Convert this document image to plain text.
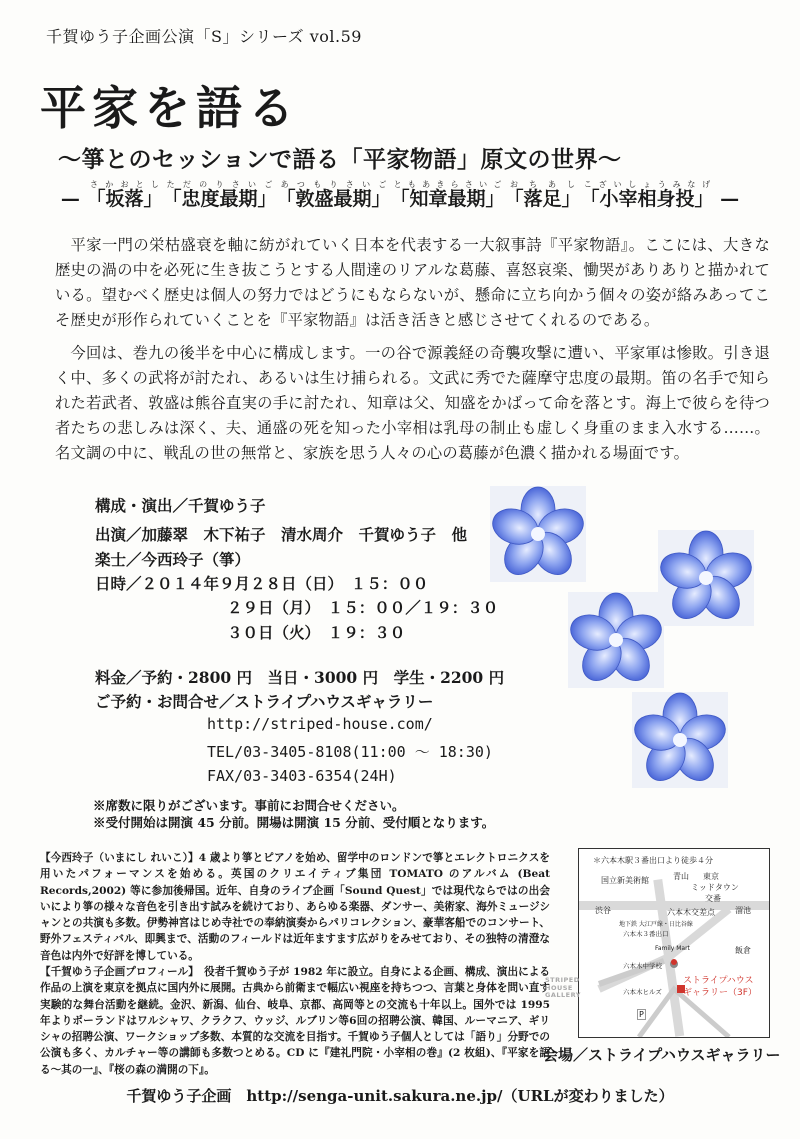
千賀ゆう子企画公演「S」シリーズ vol.59
平家を語る
～箏とのセッションで語る「平家物語」原文の世界～
— 「坂落」さかおとし「忠度最期」ただのりさいご「敦盛最期」あつもりさいご「知章最期」ともあきらさいご「落足」おちあし「小宰相身投」こざいしょうみなげ —
平家一門の栄枯盛衰を軸に紡がれていく日本を代表する一大叙事詩『平家物語』。ここには、大きな歴史の渦の中を必死に生き抜こうとする人間達のリアルな葛藤、喜怒哀楽、慟哭がありありと描かれている。望むべく歴史は個人の努力ではどうにもならないが、懸命に立ち向かう個々の姿が絡みあってこそ歴史が形作られていくことを『平家物語』は活き活きと感じさせてくれるのである。
今回は、巻九の後半を中心に構成します。一の谷で源義経の奇襲攻撃に遭い、平家軍は惨敗。引き退く中、多くの武将が討たれ、あるいは生け捕られる。文武に秀でた薩摩守忠度の最期。笛の名手で知られた若武者、敦盛は熊谷直実の手に討たれ、知章は父、知盛をかばって命を落とす。海上で彼らを待つ者たちの悲しみは深く、夫、通盛の死を知った小宰相は乳母の制止も虚しく身重のまま入水する……。名文調の中に、戦乱の世の無常と、家族を思う人々の心の葛藤が色濃く描かれる場面です。
構成・演出／千賀ゆう子
出演／加藤翠　木下祐子　清水周介　千賀ゆう子　他
楽士／今西玲子（箏）
日時／２０１４年９月２８日（日）　１５：００
２９日（月）　１５：００／１９：３０
３０日（火）　１９：３０
料金／予約・2800 円　当日・3000 円　学生・2200 円
ご予約・お問合せ／ストライプハウスギャラリー
http://striped-house.com/
TEL/03-3405-8108(11:00 ～ 18:30)
FAX/03-3403-6354(24H)
※席数に限りがございます。事前にお問合せください。
※受付開始は開演 45 分前。開場は開演 15 分前、受付順となります。
【今西玲子（いまにし れいこ）】4 歳より箏とピアノを始め、留学中のロンドンで箏とエレクトロニクスを用いたパフォーマンスを始める。英国のクリエイティブ集団 TOMATO のアルバム (Beat Records,2002) 等に参加後帰国。近年、自身のライブ企画「Sound Quest」では現代ならではの出会いにより箏の様々な音色を引き出す試みを続けており、あらゆる楽器、ダンサー、美術家、海外ミュージシャンとの共演も多数。伊勢神宮はじめ寺社での奉納演奏からパリコレクション、豪華客船でのコンサート、野外フェスティバル、即興まで、活動のフィールドは近年ますます広がりをみせており、その独特の清澄な音色は内外で好評を博している。
【千賀ゆう子企画プロフィール】　役者千賀ゆう子が 1982 年に設立。自身による企画、構成、演出による作品の上演を東京を拠点に国内外に展開。古典から前衛まで幅広い視座を持ちつつ、言葉と身体を問い直す実験的な舞台活動を継続。金沢、新潟、仙台、岐阜、京都、高岡等との交流も十年以上。国外では 1995 年よりポーランドはワルシャワ、クラクフ、ウッジ、ルブリン等6回の招聘公演、韓国、ルーマニア、ギリシャの招聘公演、ワークショップ多数、本質的な交流を目指す。千賀ゆう子個人としては「語り」分野での公演も多く、カルチャー等の講師も多数つとめる。CD に『建礼門院・小宰相の巻』(2 枚組)、『平家を語る～其の一』、『桜の森の満開の下』。
＊六本木駅３番出口より徒歩４分
国立新美術館	青山 東京
ミッドタウン
交番
渋谷	六本木交差点	溜池
地下鉄 大江戸線・日比谷線
六本木３番出口
Family Mart	飯倉
六本木中学校
六本木ヒルズ
ストライプハウス
ギャラリー（3F）
P
STRIPED
HOUSE
GALLERY
会場／ストライプハウスギャラリー
千賀ゆう子企画　http://senga-unit.sakura.ne.jp/（URLが変わりました）
